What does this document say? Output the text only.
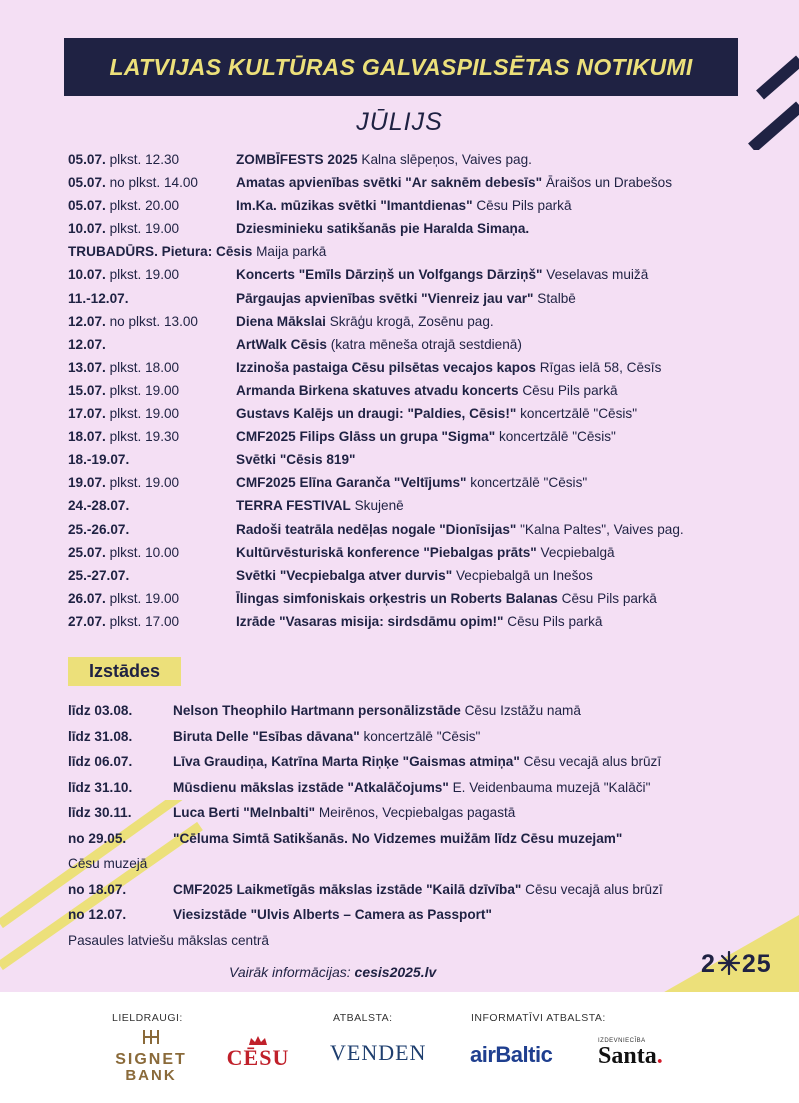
LATVIJAS KULTŪRAS GALVASPILSĒTAS NOTIKUMI
JŪLIJS
05.07. plkst. 12.30	ZOMBĪFESTS 2025 Kalna slēpeņos, Vaives pag.
05.07. no plkst. 14.00	Amatas apvienības svētki "Ar saknēm debesīs" Āraišos un Drabešos
05.07. plkst. 20.00	Im.Ka. mūzikas svētki "Imantdienas" Cēsu Pils parkā
10.07. plkst. 19.00	Dziesminieku satikšanās pie Haralda Simaņa.
TRUBADŪRS. Pietura: Cēsis Maija parkā
10.07. plkst. 19.00	Koncerts "Emīls Dārziņš un Volfgangs Dārziņš" Veselavas muižā
11.-12.07.	Pārgaujas apvienības svētki "Vienreiz jau var" Stalbē
12.07. no plkst. 13.00	Diena Mākslai Skrāģu krogā, Zosēnu pag.
12.07.	ArtWalk Cēsis (katra mēneša otrajā sestdienā)
13.07. plkst. 18.00	Izzinoša pastaiga Cēsu pilsētas vecajos kapos Rīgas ielā 58, Cēsīs
15.07. plkst. 19.00	Armanda Birkena skatuves atvadu koncerts Cēsu Pils parkā
17.07. plkst. 19.00	Gustavs Kalējs un draugi: "Paldies, Cēsis!" koncertzālē "Cēsis"
18.07. plkst. 19.30	CMF2025 Filips Glāss un grupa "Sigma" koncertzālē "Cēsis"
18.-19.07.	Svētki "Cēsis 819"
19.07. plkst. 19.00	CMF2025 Elīna Garanča "Veltījums" koncertzālē "Cēsis"
24.-28.07.	TERRA FESTIVAL Skujenē
25.-26.07.	Radoši teatrāla nedēļas nogale "Dionīsijas" "Kalna Paltes", Vaives pag.
25.07. plkst. 10.00	Kultūrvēsturiskā konference "Piebalgas prāts" Vecpiebalgā
25.-27.07.	Svētki "Vecpiebalga atver durvis" Vecpiebalgā un Inešos
26.07. plkst. 19.00	Īlingas simfoniskais orķestris un Roberts Balanas Cēsu Pils parkā
27.07. plkst. 17.00	Izrāde "Vasaras misija: sirdsdāmu opim!" Cēsu Pils parkā
Izstādes
līdz 03.08.	Nelson Theophilo Hartmann personālizstāde Cēsu Izstāžu namā
līdz 31.08.	Biruta Delle "Esības dāvana" koncertzālē "Cēsis"
līdz 06.07.	Līva Graudiņa, Katrīna Marta Riņķe "Gaismas atmiņa" Cēsu vecajā alus brūzī
līdz 31.10.	Mūsdienu mākslas izstāde "Atkalāčojums" E. Veidenbauma muzejā "Kalāči"
līdz 30.11.	Luca Berti "Melnbalti" Meirēnos, Vecpiebalgas pagastā
no 29.05.	"Cēluma Simtā Satikšanās. No Vidzemes muižām līdz Cēsu muzejam"
Cēsu muzejā
no 18.07.	CMF2025 Laikmetīgās mākslas izstāde "Kailā dzīvība" Cēsu vecajā alus brūzī
no 12.07.	Viesizstāde "Ulvis Alberts – Camera as Passport"
Pasaules latviešu mākslas centrā
Vairāk informācijas: cesis2025.lv	2 25
LIELDRAUGI:	ATBALSTA:	INFORMATĪVI ATBALSTA:
SIGNET
BANK
CĒSU	VENDEN airBaltic
IZDEVNIECĪBA
Santa.
